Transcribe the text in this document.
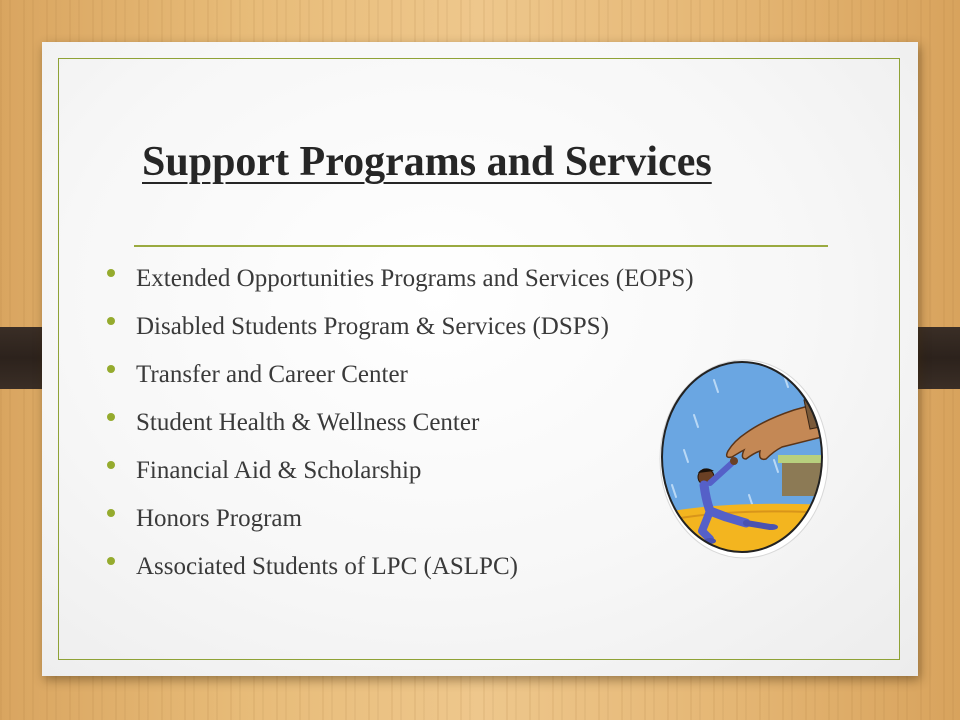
Support Programs and Services
Extended Opportunities Programs and Services (EOPS)
Disabled Students Program & Services (DSPS)
Transfer and Career Center
Student Health & Wellness Center
Financial Aid & Scholarship
Honors Program
Associated Students of LPC (ASLPC)
